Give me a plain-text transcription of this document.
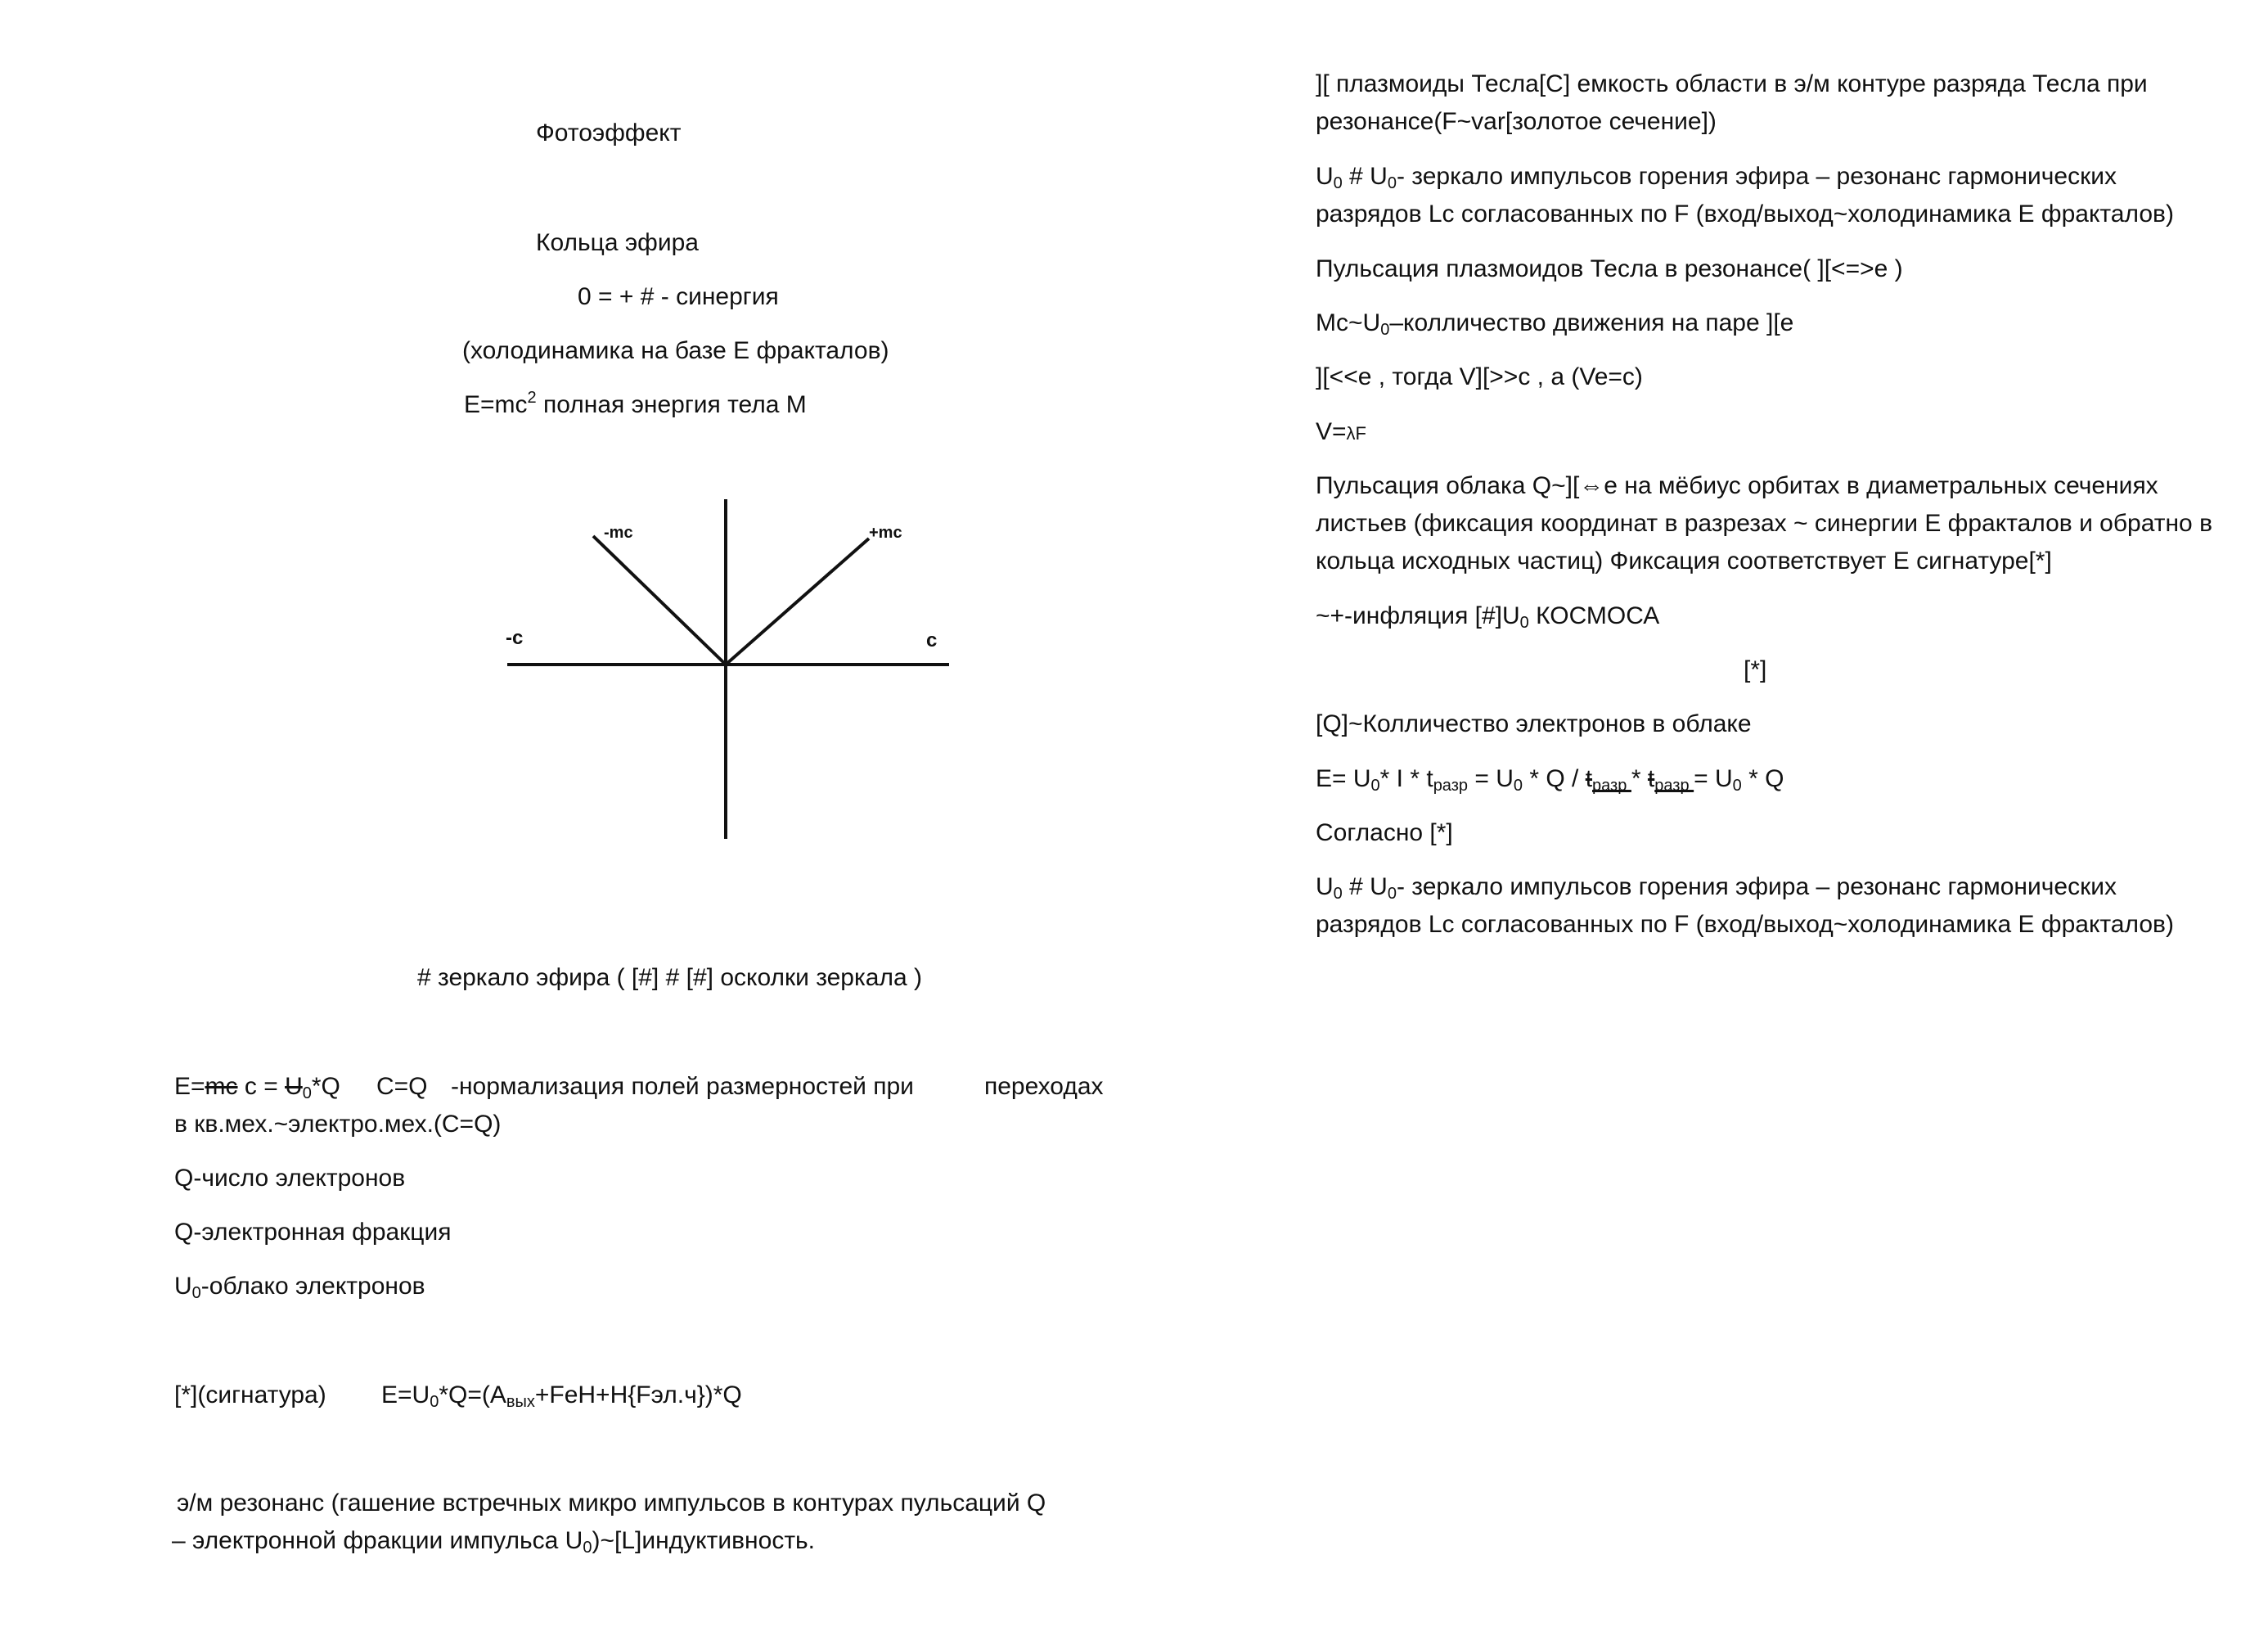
Фотоэффект
Кольца эфира
0 = + # - синергия
(холодинамика на базе Е фракталов)
$E=mc^2$ полная энергия тела М
-mc	+mc
-c	c
# зеркало эфира ( [#] # [#] осколки зеркала )
E=mc $c = U_0*Q$ C=Q -нормализация полей размерностей при	переходах
в кв.мех.~электро.мех.(C=Q)
Q-число электронов
Q-электронная фракция
$U_0$-облако электронов
[*](сигнатура) $E=U_0*Q=(A_{вых}+FeH+H\{Fэл.ч\})*Q$
э/м резонанс (гашение встречных микро импульсов в контурах пульсаций Q
– электронной фракции импульса $U_0)\sim[L]индуктивность$.
][ плазмоиды Тесла[C] емкость области в э/м контуре разряда Тесла при
резонансе(F~var[золотое сечение])
$U_0$ # $U_0-$ зеркало импульсов горения эфира – резонанс гармонических
разрядов Lc согласованных по F (вход/выход~холодинамика Е фракталов)
Пульсация плазмоидов Тесла в резонансе( ][<=>e )
$Mc\sim U_0$–колличество движения на паре ][e
][<<e , тогда V][>>c , а (Ve=c)
V=λF
Пульсация облака Q~][⇔e на мёбиус орбитах в диаметральных сечениях
листьев (фиксация координат в разрезах ~ синергии Е фракталов и обратно в
кольца исходных частиц) Фиксация соответствует Е сигнатуре[*]
~+-инфляция $[\#]U_0$ КОСМОСА
[*]
[Q]~Колличество электронов в облаке
$E= U_0*$ $I * t_{разр} = U_0 * Q / t_{разр} * t_{разр} = U_0 * Q$
Согласно [*]
$U_0$ # $U_0-$ зеркало импульсов горения эфира – резонанс гармонических
разрядов Lc согласованных по F (вход/выход~холодинамика Е фракталов)
